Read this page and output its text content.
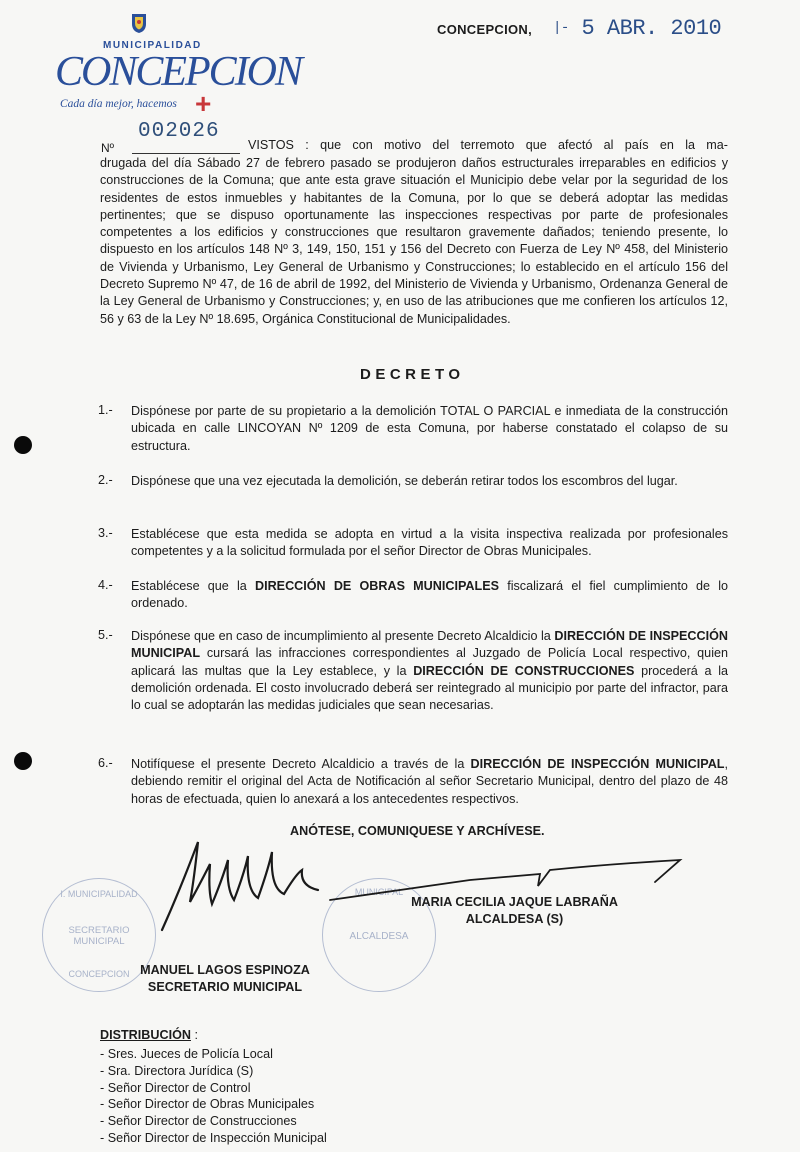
MUNICIPALIDAD
CONCEPCION
Cada día mejor, hacemos +
CONCEPCION, |- 5 ABR. 2010
Nº
002026
VISTOS : que con motivo del terremoto que afectó al país en la ma-
drugada del día Sábado 27 de febrero pasado se produjeron daños estructurales irreparables en edificios y construcciones de la Comuna; que ante esta grave situación el Municipio debe velar por la seguridad de los residentes de estos inmuebles y habitantes de la Comuna, por lo que se deberá adoptar las medidas pertinentes; que se dispuso oportunamente las inspecciones respectivas por parte de profesionales competentes a los edificios y construcciones que resultaron gravemente dañados; teniendo presente, lo dispuesto en los artículos 148 Nº 3, 149, 150, 151 y 156 del Decreto con Fuerza de Ley Nº 458, del Ministerio de Vivienda y Urbanismo, Ley General de Urbanismo y Construcciones; lo establecido en el artículo 156 del Decreto Supremo Nº 47, de 16 de abril de 1992, del Ministerio de Vivienda y Urbanismo, Ordenanza General de la Ley General de Urbanismo y Construcciones; y, en uso de las atribuciones que me confieren los artículos 12, 56 y 63 de la Ley Nº 18.695, Orgánica Constitucional de Municipalidades.
DECRETO
1.- Dispónese por parte de su propietario a la demolición TOTAL O PARCIAL e inmediata de la construcción ubicada en calle LINCOYAN Nº 1209 de esta Comuna, por haberse constatado el colapso de su estructura.
2.- Dispónese que una vez ejecutada la demolición, se deberán retirar todos los escombros del lugar.
3.- Establécese que esta medida se adopta en virtud a la visita inspectiva realizada por profesionales competentes y a la solicitud formulada por el señor Director de Obras Municipales.
4.- Establécese que la DIRECCIÓN DE OBRAS MUNICIPALES fiscalizará el fiel cumplimiento de lo ordenado.
5.- Dispónese que en caso de incumplimiento al presente Decreto Alcaldicio la DIRECCIÓN DE INSPECCIÓN MUNICIPAL cursará las infracciones correspondientes al Juzgado de Policía Local respectivo, quien aplicará las multas que la Ley establece, y la DIRECCIÓN DE CONSTRUCCIONES procederá a la demolición ordenada. El costo involucrado deberá ser reintegrado al municipio por parte del infractor, para lo cual se adoptarán las medidas judiciales que sean necesarias.
6.- Notifíquese el presente Decreto Alcaldicio a través de la DIRECCIÓN DE INSPECCIÓN MUNICIPAL, debiendo remitir el original del Acta de Notificación al señor Secretario Municipal, dentro del plazo de 48 horas de efectuada, quien lo anexará a los antecedentes respectivos.
ANÓTESE, COMUNIQUESE Y ARCHÍVESE.
I. MUNICIPALIDAD
SECRETARIO MUNICIPAL
CONCEPCION
MUNICIPAL
ALCALDESA
MARIA CECILIA JAQUE LABRAÑA
ALCALDESA (S)
MANUEL LAGOS ESPINOZA
SECRETARIO MUNICIPAL
DISTRIBUCIÓN :
- Sres. Jueces de Policía Local
- Sra. Directora Jurídica (S)
- Señor Director de Control
- Señor Director de Obras Municipales
- Señor Director de Construcciones
- Señor Director de Inspección Municipal
